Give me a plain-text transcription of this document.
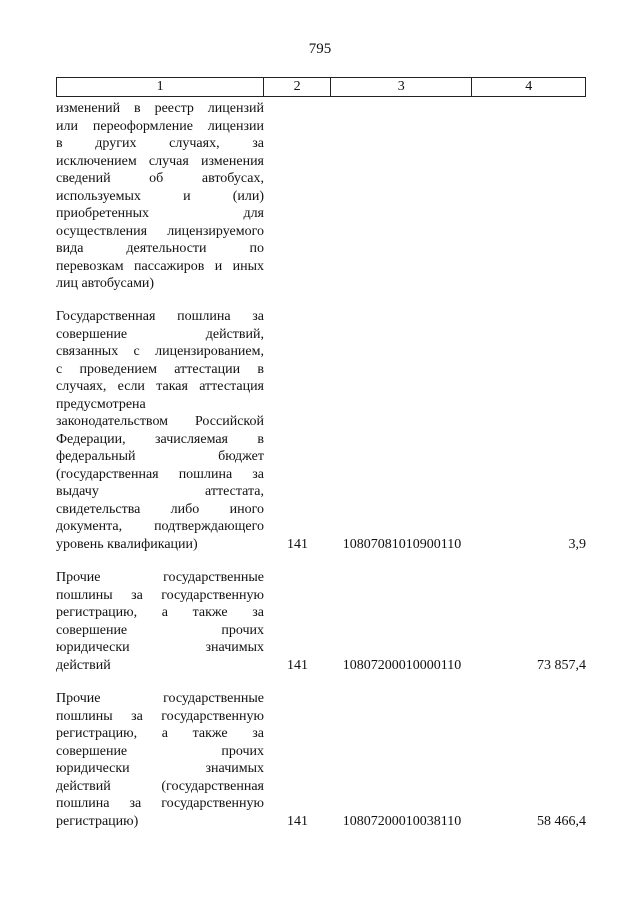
795
1	2	3	4
изменений в реестр лицензий
или переоформление лицензии
в других случаях, за
исключением случая изменения
сведений об автобусах,
используемых и (или)
приобретенных для
осуществления лицензируемого
вида деятельности по
перевозкам пассажиров и иных
лиц автобусами)
Государственная пошлина за
совершение действий,
связанных с лицензированием,
с проведением аттестации в
случаях, если такая аттестация
предусмотрена
законодательством Российской
Федерации, зачисляемая в
федеральный бюджет
(государственная пошлина за
выдачу аттестата,
свидетельства либо иного
документа, подтверждающего
уровень квалификации)	141	10807081010900110	3,9
Прочие государственные
пошлины за государственную
регистрацию, а также за
совершение прочих
юридически значимых
действий	141	10807200010000110	73 857,4
Прочие государственные
пошлины за государственную
регистрацию, а также за
совершение прочих
юридически значимых
действий (государственная
пошлина за государственную
регистрацию)	141	10807200010038110	58 466,4
